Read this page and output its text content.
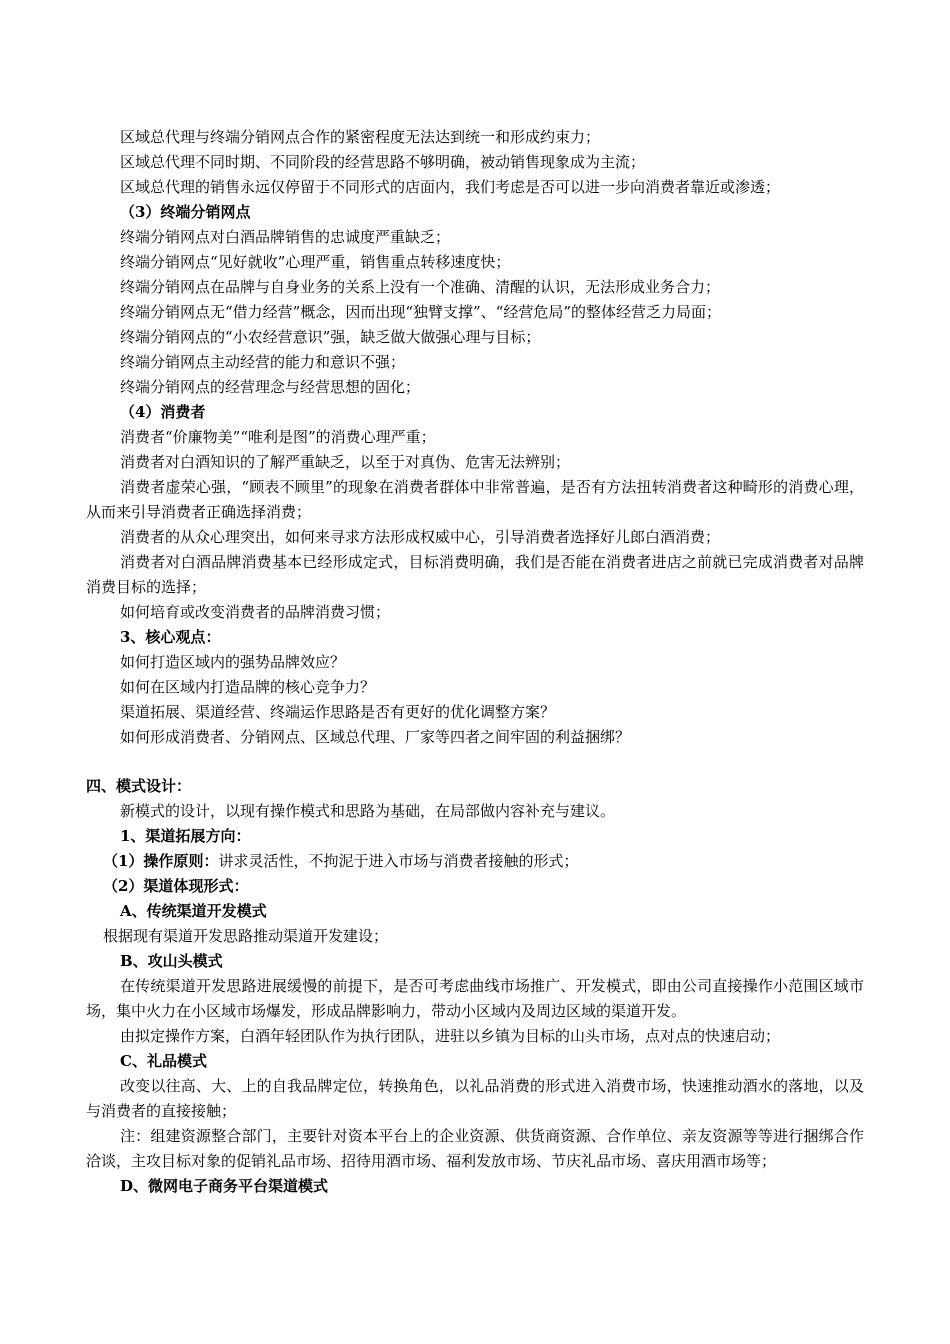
区域总代理与终端分销网点合作的紧密程度无法达到统一和形成约束力；

区域总代理不同时期、不同阶段的经营思路不够明确，被动销售现象成为主流；

区域总代理的销售永远仅停留于不同形式的店面内，我们考虑是否可以进一步向消费者靠近或渗透；

（3）终端分销网点

终端分销网点对白酒品牌销售的忠诚度严重缺乏；

终端分销网点“见好就收”心理严重，销售重点转移速度快；

终端分销网点在品牌与自身业务的关系上没有一个准确、清醒的认识，无法形成业务合力；

终端分销网点无“借力经营”概念，因而出现“独臂支撑”、“经营危局”的整体经营乏力局面；

终端分销网点的“小农经营意识”强，缺乏做大做强心理与目标；

终端分销网点主动经营的能力和意识不强；

终端分销网点的经营理念与经营思想的固化；

（4）消费者

消费者“价廉物美”“唯利是图”的消费心理严重；

消费者对白酒知识的了解严重缺乏，以至于对真伪、危害无法辨别；

消费者虚荣心强，“顾表不顾里”的现象在消费者群体中非常普遍，是否有方法扭转消费者这种畸形的消费心理，从而来引导消费者正确选择消费；

消费者的从众心理突出，如何来寻求方法形成权威中心，引导消费者选择好儿郎白酒消费；

消费者对白酒品牌消费基本已经形成定式，目标消费明确，我们是否能在消费者进店之前就已完成消费者对品牌消费目标的选择；

如何培育或改变消费者的品牌消费习惯；

3、核心观点：

如何打造区域内的强势品牌效应？

如何在区域内打造品牌的核心竞争力？

渠道拓展、渠道经营、终端运作思路是否有更好的优化调整方案？

如何形成消费者、分销网点、区域总代理、厂家等四者之间牢固的利益捆绑？

四、模式设计：

新模式的设计，以现有操作模式和思路为基础，在局部做内容补充与建议。

1、渠道拓展方向：

（1）操作原则：讲求灵活性，不拘泥于进入市场与消费者接触的形式；

（2）渠道体现形式：

A、传统渠道开发模式

根据现有渠道开发思路推动渠道开发建设；

B、攻山头模式

在传统渠道开发思路进展缓慢的前提下，是否可考虑曲线市场推广、开发模式，即由公司直接操作小范围区域市场，集中火力在小区域市场爆发，形成品牌影响力，带动小区域内及周边区域的渠道开发。

由拟定操作方案，白酒年轻团队作为执行团队，进驻以乡镇为目标的山头市场，点对点的快速启动；

C、礼品模式

改变以往高、大、上的自我品牌定位，转换角色，以礼品消费的形式进入消费市场，快速推动酒水的落地，以及与消费者的直接接触；

注：组建资源整合部门，主要针对资本平台上的企业资源、供货商资源、合作单位、亲友资源等等进行捆绑合作洽谈，主攻目标对象的促销礼品市场、招待用酒市场、福利发放市场、节庆礼品市场、喜庆用酒市场等；

D、微网电子商务平台渠道模式
